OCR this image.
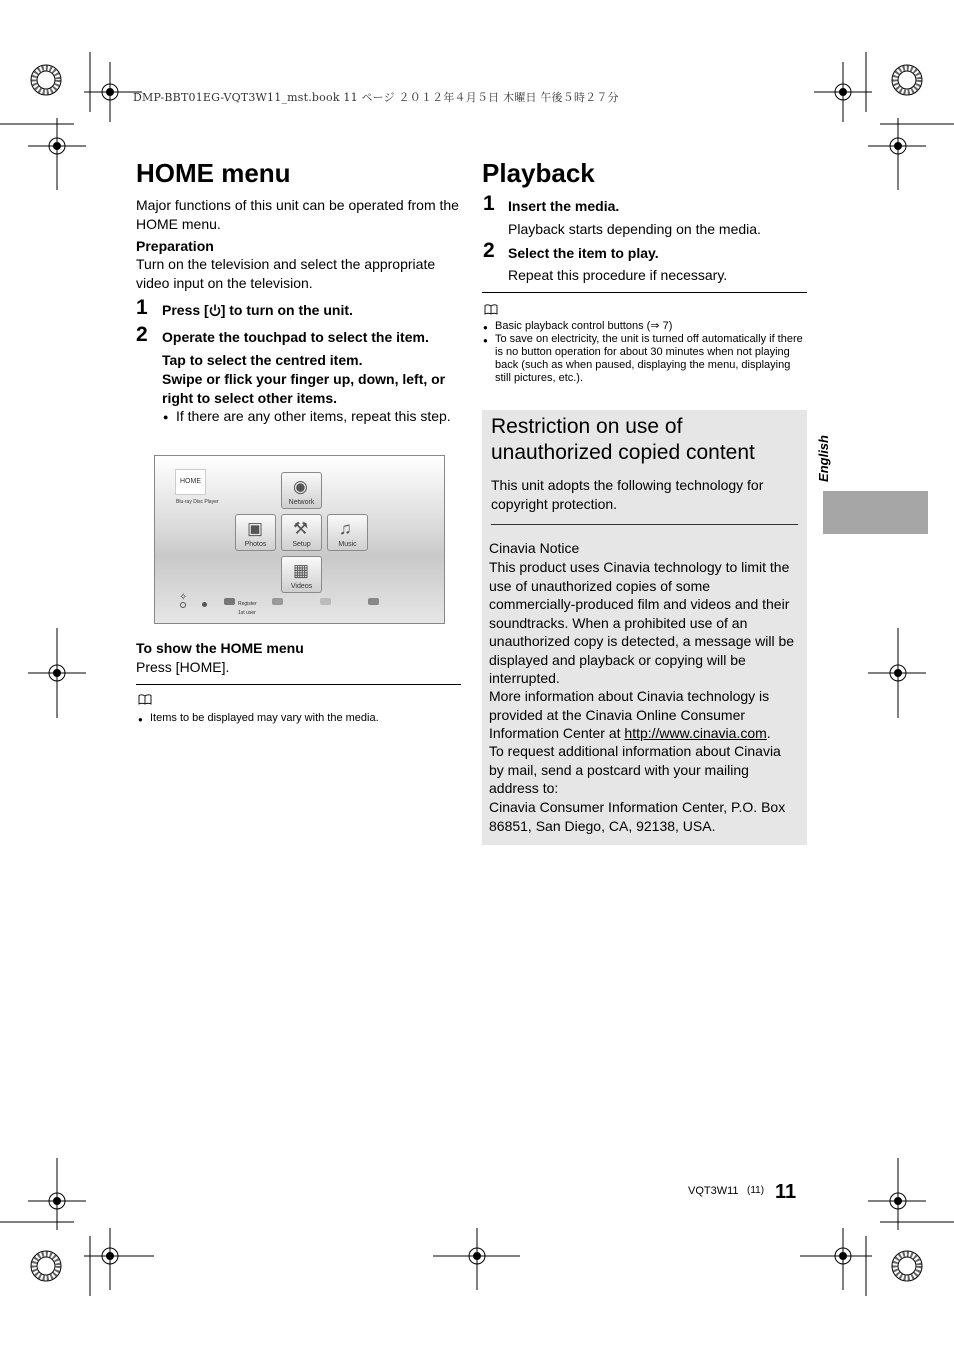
DMP-BBT01EG-VQT3W11_mst.book 11 ページ ２０１２年４月５日 木曜日 午後５時２７分
HOME menu
Major functions of this unit can be operated from the HOME menu.
Preparation
Turn on the television and select the appropriate video input on the television.
1 Press [ ] to turn on the unit.
2 Operate the touchpad to select the item.
Tap to select the centred item.
Swipe or flick your finger up, down, left, or right to select other items.
● If there are any other items, repeat this step.
HOME
Blu-ray Disc Player
◉
Network
▣
Photos
⚒
Setup
♫
Music
▦
Videos
✧
Register
1st user
To show the HOME menu
Press [HOME].
● Items to be displayed may vary with the media.
Playback
1 Insert the media.
Playback starts depending on the media.
2 Select the item to play.
Repeat this procedure if necessary.
● Basic playback control buttons (⇒ 7)
● To save on electricity, the unit is turned off automatically if there is no button operation for about 30 minutes when not playing back (such as when paused, displaying the menu, displaying still pictures, etc.).
Restriction on use of unauthorized copied content
This unit adopts the following technology for copyright protection.
Cinavia Notice
This product uses Cinavia technology to limit the use of unauthorized copies of some commercially-produced film and videos and their soundtracks. When a prohibited use of an unauthorized copy is detected, a message will be displayed and playback or copying will be interrupted.
More information about Cinavia technology is provided at the Cinavia Online Consumer Information Center at http://www.cinavia.com.
To request additional information about Cinavia by mail, send a postcard with your mailing address to:
Cinavia Consumer Information Center, P.O. Box 86851, San Diego, CA, 92138, USA.
English
VQT3W11 (11) 11
